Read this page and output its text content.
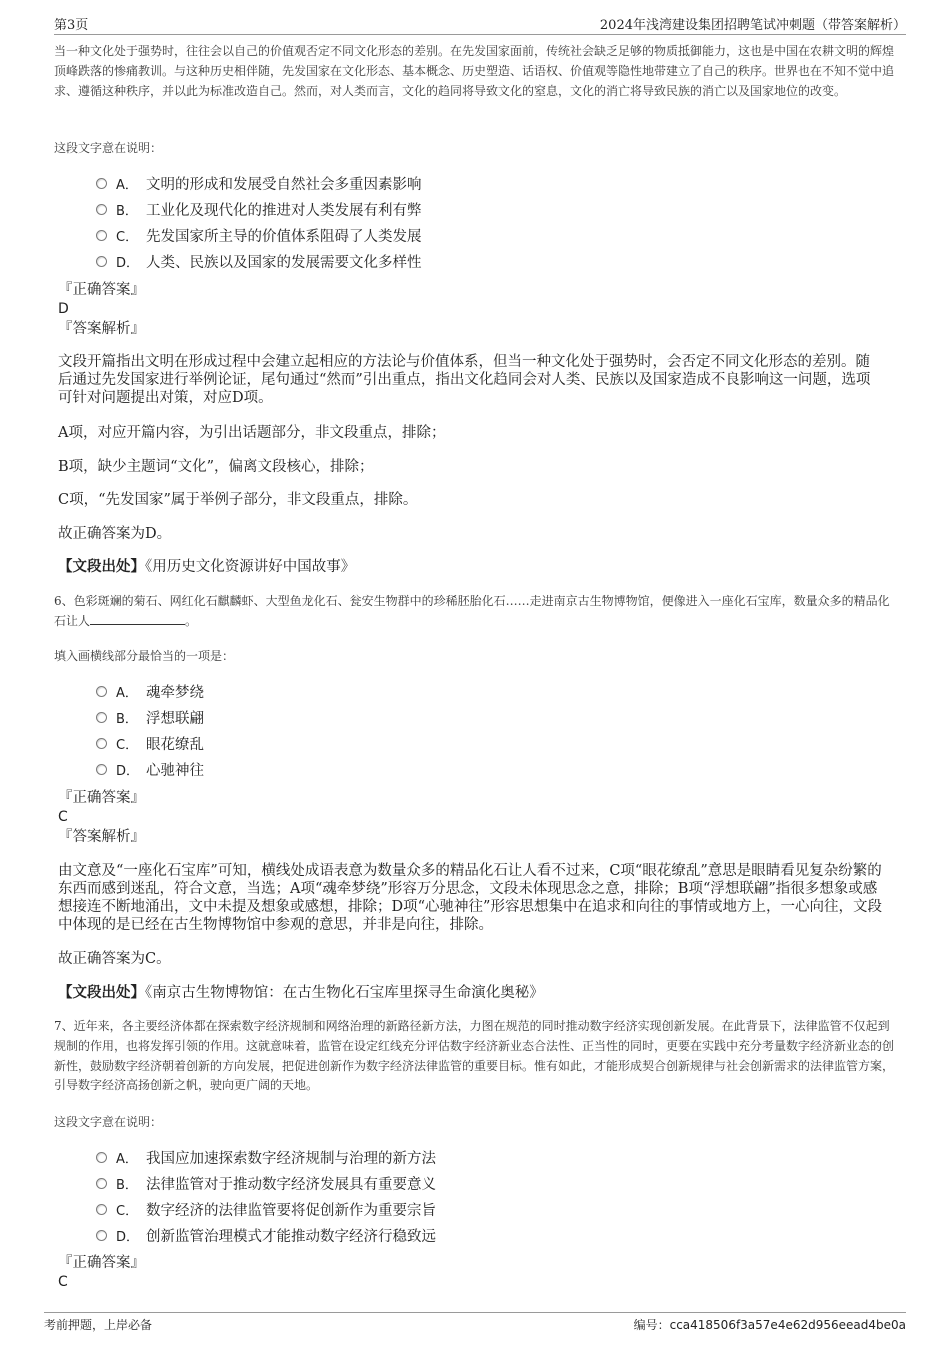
第3页	2024年浅湾建设集团招聘笔试冲刺题（带答案解析）

当一种文化处于强势时，往往会以自己的价值观否定不同文化形态的差别。在先发国家面前，传统社会缺乏足够的物质抵御能力，这也是中国在农耕文明的辉煌顶峰跌落的惨痛教训。与这种历史相伴随，先发国家在文化形态、基本概念、历史塑造、话语权、价值观等隐性地带建立了自己的秩序。世界也在不知不觉中追求、遵循这种秩序，并以此为标准改造自己。然而，对人类而言，文化的趋同将导致文化的窒息，文化的消亡将导致民族的消亡以及国家地位的改变。

这段文字意在说明：

A． 文明的形成和发展受自然社会多重因素影响
B． 工业化及现代化的推进对人类发展有利有弊
C． 先发国家所主导的价值体系阻碍了人类发展
D． 人类、民族以及国家的发展需要文化多样性

『正确答案』

D

『答案解析』

文段开篇指出文明在形成过程中会建立起相应的方法论与价值体系，但当一种文化处于强势时，会否定不同文化形态的差别。随后通过先发国家进行举例论证，尾句通过“然而”引出重点，指出文化趋同会对人类、民族以及国家造成不良影响这一问题，选项可针对问题提出对策，对应D项。

A项，对应开篇内容，为引出话题部分，非文段重点，排除；

B项，缺少主题词“文化”，偏离文段核心，排除；

C项，“先发国家”属于举例子部分，非文段重点，排除。

故正确答案为D。

【文段出处】《用历史文化资源讲好中国故事》

6、色彩斑斓的菊石、网红化石麒麟虾、大型鱼龙化石、瓮安生物群中的珍稀胚胎化石……走进南京古生物博物馆，便像进入一座化石宝库，数量众多的精品化石让人	。

填入画横线部分最恰当的一项是：

A． 魂牵梦绕
B． 浮想联翩
C． 眼花缭乱
D． 心驰神往

『正确答案』

C

『答案解析』

由文意及“一座化石宝库”可知，横线处成语表意为数量众多的精品化石让人看不过来，C项“眼花缭乱”意思是眼睛看见复杂纷繁的东西而感到迷乱，符合文意，当选；A项“魂牵梦绕”形容万分思念，文段未体现思念之意，排除；B项“浮想联翩”指很多想象或感想接连不断地涌出，文中未提及想象或感想，排除；D项“心驰神往”形容思想集中在追求和向往的事情或地方上，一心向往，文段中体现的是已经在古生物博物馆中参观的意思，并非是向往，排除。

故正确答案为C。

【文段出处】《南京古生物博物馆：在古生物化石宝库里探寻生命演化奥秘》

7、近年来，各主要经济体都在探索数字经济规制和网络治理的新路径新方法，力图在规范的同时推动数字经济实现创新发展。在此背景下，法律监管不仅起到规制的作用，也将发挥引领的作用。这就意味着，监管在设定红线充分评估数字经济新业态合法性、正当性的同时，更要在实践中充分考量数字经济新业态的创新性，鼓励数字经济朝着创新的方向发展，把促进创新作为数字经济法律监管的重要目标。惟有如此，才能形成契合创新规律与社会创新需求的法律监管方案，引导数字经济高扬创新之帆，驶向更广阔的天地。

这段文字意在说明：

A． 我国应加速探索数字经济规制与治理的新方法
B． 法律监管对于推动数字经济发展具有重要意义
C． 数字经济的法律监管要将促创新作为重要宗旨
D． 创新监管治理模式才能推动数字经济行稳致远

『正确答案』

C

考前押题，上岸必备	编号：cca418506f3a57e4e62d956eead4be0a
